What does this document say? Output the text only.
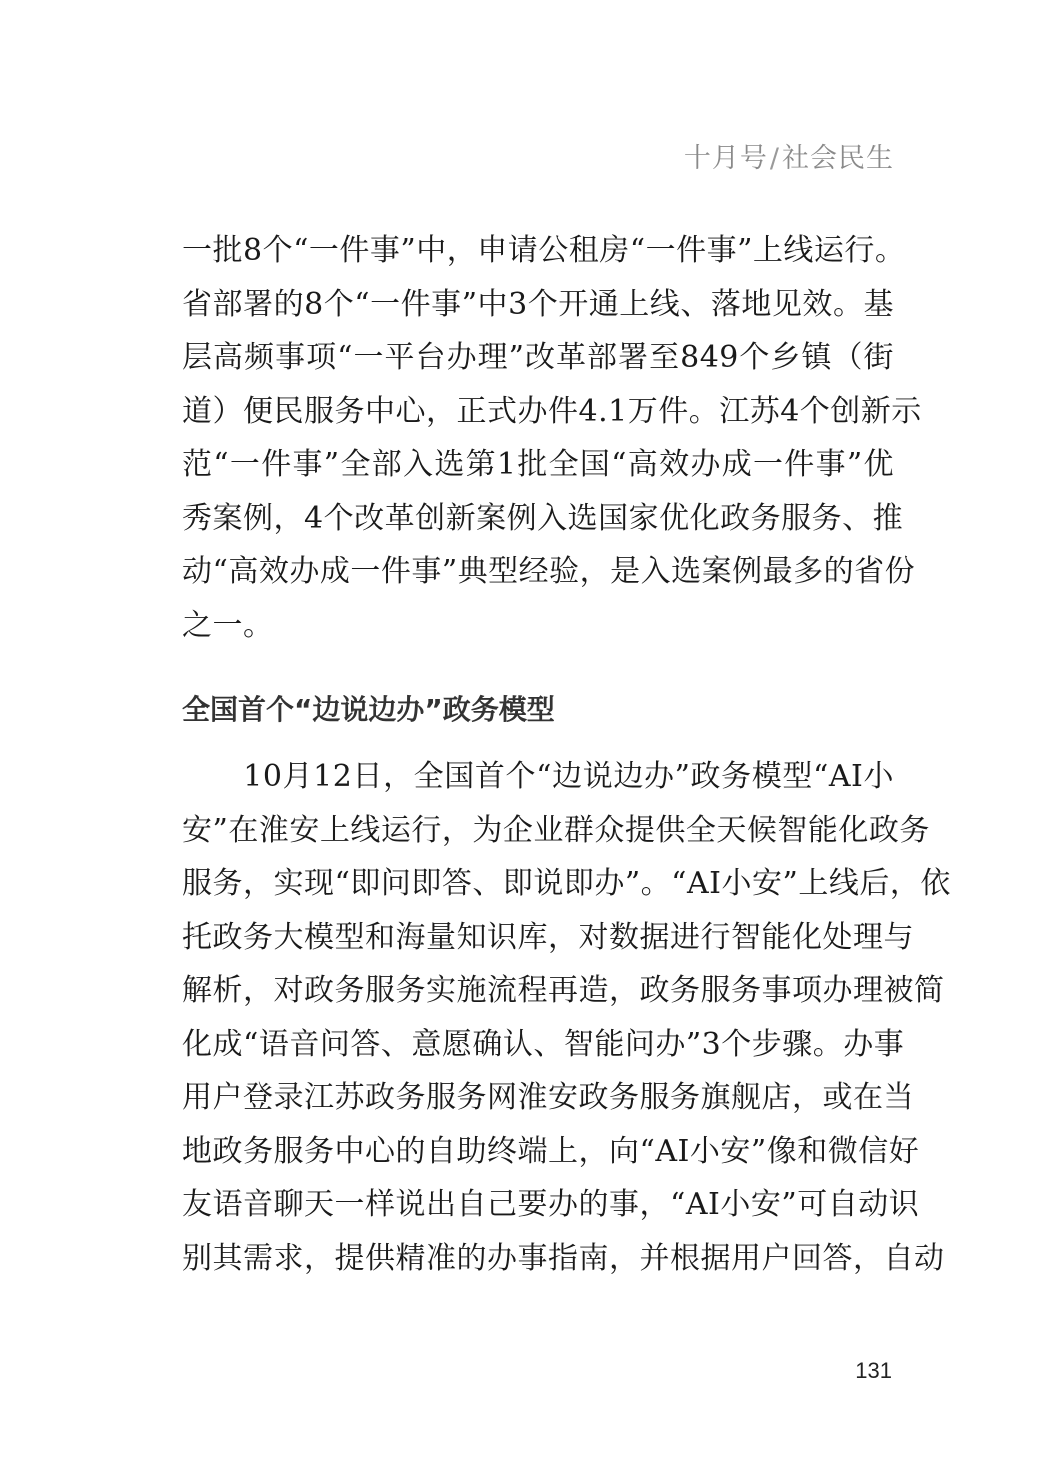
十月号/社会民生
一批8个“一件事”中，申请公租房“一件事”上线运行。
省部署的8个“一件事”中3个开通上线、落地见效。基
层高频事项“一平台办理”改革部署至849个乡镇（街
道）便民服务中心，正式办件4.1万件。江苏4个创新示
范“一件事”全部入选第1批全国“高效办成一件事”优
秀案例，4个改革创新案例入选国家优化政务服务、推
动“高效办成一件事”典型经验，是入选案例最多的省份
之一。
全国首个“边说边办”政务模型
　　10月12日，全国首个“边说边办”政务模型“AI小
安”在淮安上线运行，为企业群众提供全天候智能化政务
服务，实现“即问即答、即说即办”。“AI小安”上线后，依
托政务大模型和海量知识库，对数据进行智能化处理与
解析，对政务服务实施流程再造，政务服务事项办理被简
化成“语音问答、意愿确认、智能问办”3个步骤。办事
用户登录江苏政务服务网淮安政务服务旗舰店，或在当
地政务服务中心的自助终端上，向“AI小安”像和微信好
友语音聊天一样说出自己要办的事，“AI小安”可自动识
别其需求，提供精准的办事指南，并根据用户回答，自动
131
